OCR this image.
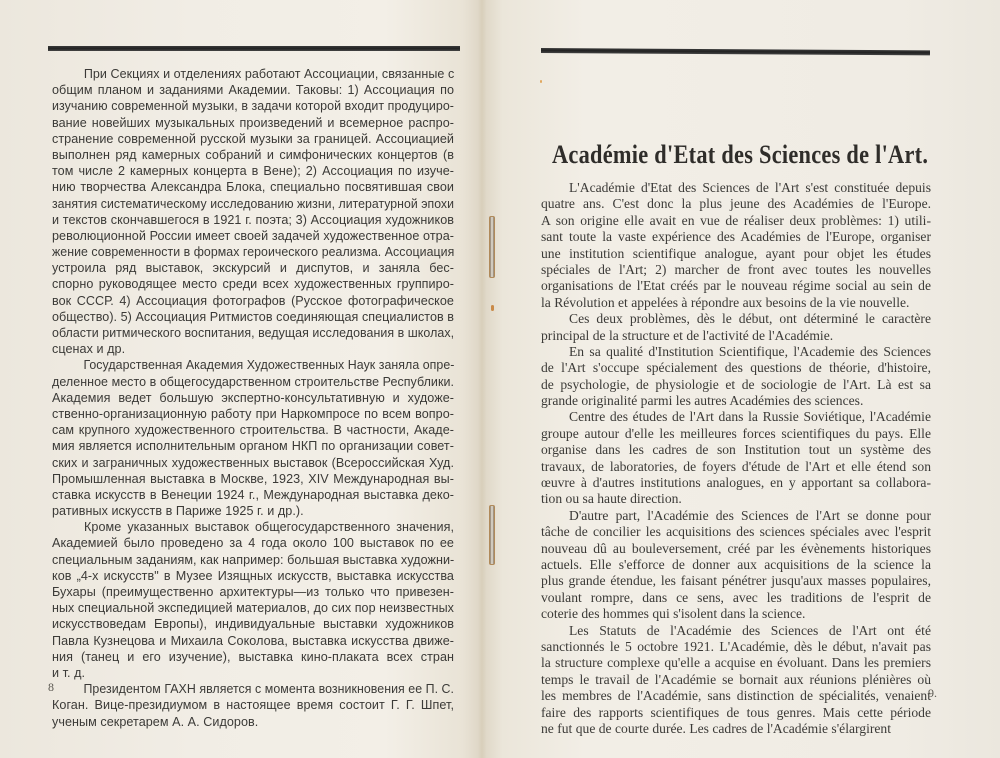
При Секциях и отделениях работают Ассоциации, связанные с
общим планом и заданиями Академии. Таковы: 1) Ассоциация по
изучанию современной музыки, в задачи которой входит продуциро-
вание новейших музыкальных произведений и всемерное распро-
странение современной русской музыки за границей. Ассоциацией
выполнен ряд камерных собраний и симфонических концертов (в
том числе 2 камерных концерта в Вене); 2) Ассоциация по изуче-
нию творчества Александра Блока, специально посвятившая свои
занятия систематическому исследованию жизни, литературной эпохи
и текстов скончавшегося в 1921 г. поэта; 3) Ассоциация художников
революционной России имеет своей задачей художественное отра-
жение современности в формах героического реализма. Ассоциация
устроила ряд выставок, экскурсий и диспутов, и заняла бес-
спорно руководящее место среди всех художественных группиро-
вок СССР. 4) Ассоциация фотографов (Русское фотографическое
общество). 5) Ассоциация Ритмистов соединяющая специалистов в
области ритмического воспитания, ведущая исследования в школах,
сценах и др.
Государственная Академия Художественных Наук заняла опре-
деленное место в общегосударственном строительстве Республики.
Академия ведет большую экспертно-консультативную и художе-
ственно-организационную работу при Наркомпросе по всем вопро-
сам крупного художественного строительства. В частности, Акаде-
мия является исполнительным органом НКП по организации совет-
ских и заграничных художественных выставок (Всероссийская Худ.
Промышленная выставка в Москве, 1923, XIV Международная вы-
ставка искусств в Венеции 1924 г., Международная выставка деко-
ративных искусств в Париже 1925 г. и др.).
Кроме указанных выставок общегосударственного значения,
Академией было проведено за 4 года около 100 выставок по ее
специальным заданиям, как например: большая выставка художни-
ков „4-х искусств" в Музее Изящных искусств, выставка искусства
Бухары (преимущественно архитектуры—из только что привезен-
ных специальной экспедицией материалов, до сих пор неизвестных
искусствоведам Европы), индивидуальные выставки художников
Павла Кузнецова и Михаила Соколова, выставка искусства движе-
ния (танец и его изучение), выставка кино-плаката всех стран
и т. д.
Президентом ГАХН является с момента возникновения ее П. С.
Коган. Вице-президиумом в настоящее время состоит Г. Г. Шпет,
ученым секретарем А. А. Сидоров.
Académie d'Etat des Sciences de l'Art.
L'Académie d'Etat des Sciences de l'Art s'est constituée depuis
quatre ans. C'est donc la plus jeune des Académies de l'Europe.
A son origine elle avait en vue de réaliser deux problèmes: 1) utili-
sant toute la vaste expérience des Académies de l'Europe, organiser
une institution scientifique analogue, ayant pour objet les études
spéciales de l'Art; 2) marcher de front avec toutes les nouvelles
organisations de l'Etat créés par le nouveau régime social au sein de
la Révolution et appelées à répondre aux besoins de la vie nouvelle.
Ces deux problèmes, dès le début, ont déterminé le caractère
principal de la structure et de l'activité de l'Académie.
En sa qualité d'Institution Scientifique, l'Academie des Sciences
de l'Art s'occupe spécialement des questions de théorie, d'histoire,
de psychologie, de physiologie et de sociologie de l'Art. Là est sa
grande originalité parmi les autres Académies des sciences.
Centre des études de l'Art dans la Russie Soviétique, l'Académie
groupe autour d'elle les meilleures forces scientifiques du pays. Elle
organise dans les cadres de son Institution tout un système des
travaux, de laboratories, de foyers d'étude de l'Art et elle étend son
œuvre à d'autres institutions analogues, en y apportant sa collabora-
tion ou sa haute direction.
D'autre part, l'Académie des Sciences de l'Art se donne pour
tâche de concilier les acquisitions des sciences spéciales avec l'esprit
nouveau dû au bouleversement, créé par les évènements historiques
actuels. Elle s'efforce de donner aux acquisitions de la science la
plus grande étendue, les faisant pénétrer jusqu'aux masses populaires,
voulant rompre, dans ce sens, avec les traditions de l'esprit de
coterie des hommes qui s'isolent dans la science.
Les Statuts de l'Académie des Sciences de l'Art ont été
sanctionnés le 5 octobre 1921. L'Académie, dès le début, n'avait pas
la structure complexe qu'elle a acquise en évoluant. Dans les premiers
temps le travail de l'Académie se bornait aux réunions plénières où
les membres de l'Académie, sans distinction de spécialités, venaient
faire des rapports scientifiques de tous genres. Mais cette période
ne fut que de courte durée. Les cadres de l'Académie s'élargirent
8	9.
